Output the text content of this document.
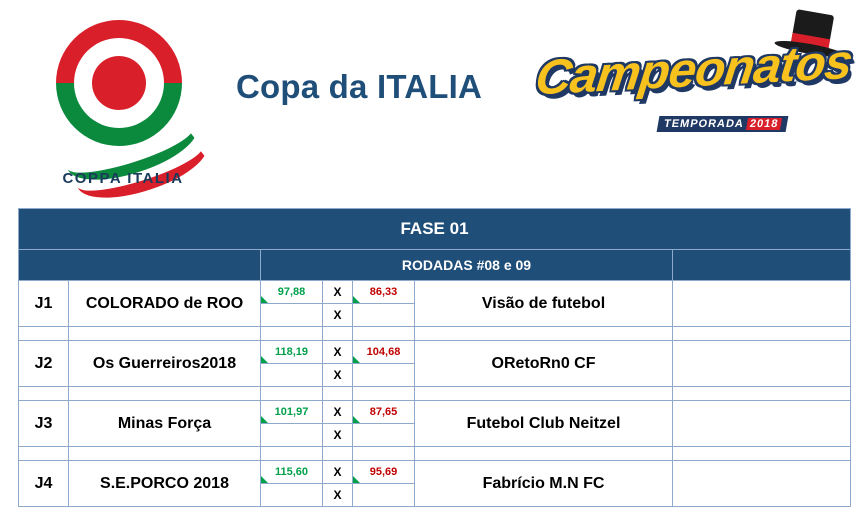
COPPA ITALIA
Copa da ITALIA Campeonatos
TEMPORADA 2018
FASE 01						
		RODADAS #08 e 09				
J1	COLORADO de ROO	97,88	X	86,33	Visão de futebol	
			X			

J2	Os Guerreiros2018	118,19	X	104,68	ORetoRn0 CF	
			X			

J3	Minas Força	101,97	X	87,65	Futebol Club Neitzel	
			X			

J4	S.E.PORCO 2018	115,60	X	95,69	Fabrício M.N FC	
			X			
